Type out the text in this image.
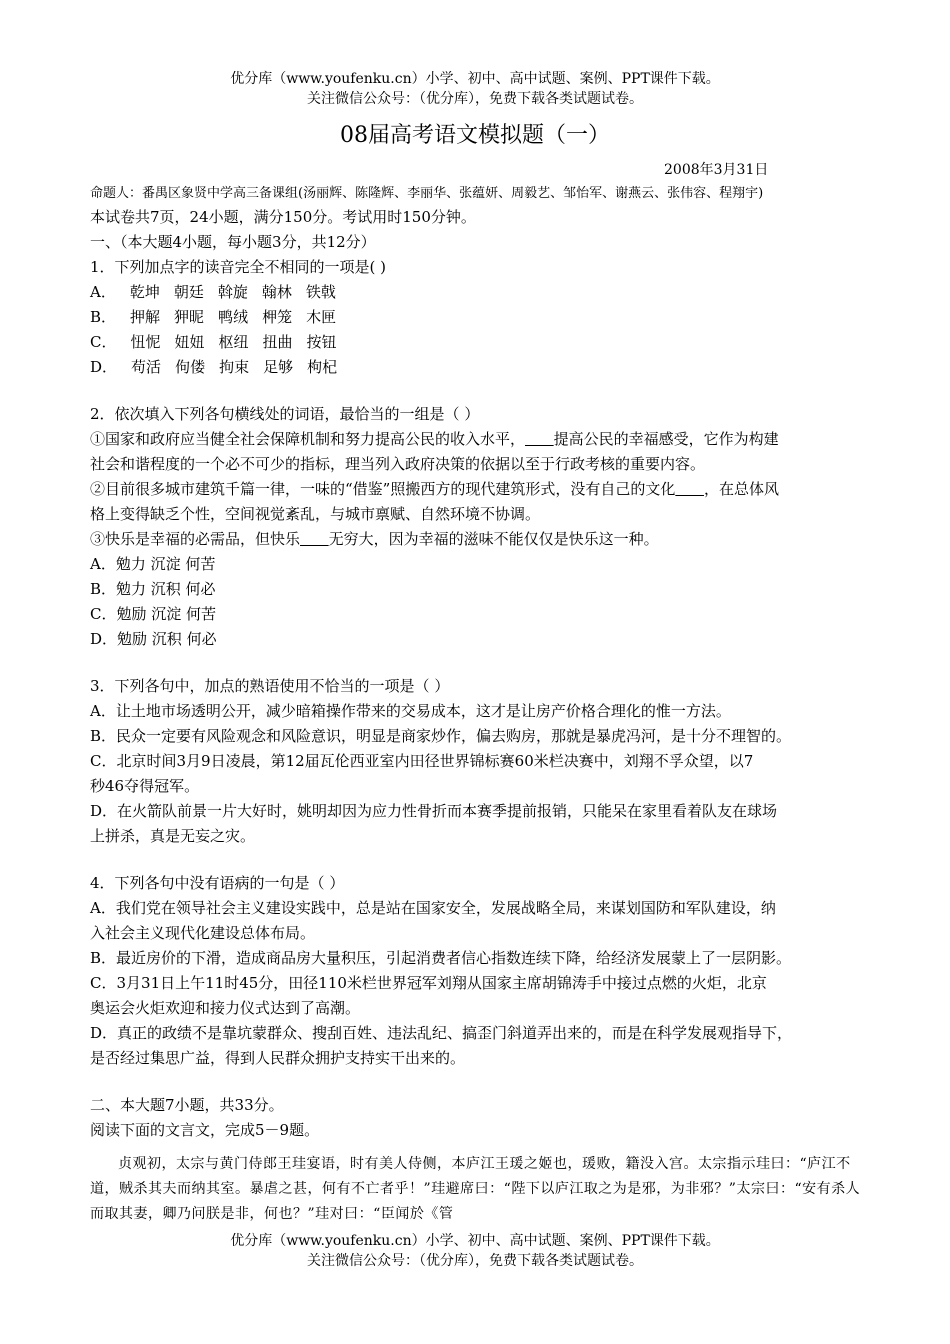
优分库（www.youfenku.cn）小学、初中、高中试题、案例、PPT课件下载。
关注微信公众号：（优分库），免费下载各类试题试卷。
08届高考语文模拟题（一）
2008年3月31日
命题人：番禺区象贤中学高三备课组(汤丽辉、陈隆辉、李丽华、张蕴妍、周毅艺、邹怡军、谢燕云、张伟容、程翔宇)
本试卷共7页，24小题，满分150分。考试用时150分钟。
一、（本大题4小题，每小题3分，共12分）
1．下列加点字的读音完全不相同的一项是( )
A． 乾坤 朝廷 斡旋 翰林 铁戟
B． 押解 狎昵 鸭绒 柙笼 木匣
C． 忸怩 妞妞 枢纽 扭曲 按钮
D． 苟活 佝偻 拘束 足够 枸杞
2．依次填入下列各句横线处的词语，最恰当的一组是（ ）
①国家和政府应当健全社会保障机制和努力提高公民的收入水平， 提高公民的幸福感受，它作为构建
社会和谐程度的一个必不可少的指标，理当列入政府决策的依据以至于行政考核的重要内容。
②目前很多城市建筑千篇一律，一味的“借鉴”照搬西方的现代建筑形式，没有自己的文化 ，在总体风
格上变得缺乏个性，空间视觉紊乱，与城市禀赋、自然环境不协调。
③快乐是幸福的必需品，但快乐 无穷大，因为幸福的滋味不能仅仅是快乐这一种。
A．勉力 沉淀 何苦
B．勉力 沉积 何必
C．勉励 沉淀 何苦
D．勉励 沉积 何必
3．下列各句中，加点的熟语使用不恰当的一项是（ ）
A．让土地市场透明公开，减少暗箱操作带来的交易成本，这才是让房产价格合理化的惟一方法。
B．民众一定要有风险观念和风险意识，明显是商家炒作，偏去购房，那就是暴虎冯河，是十分不理智的。
C．北京时间3月9日凌晨，第12届瓦伦西亚室内田径世界锦标赛60米栏决赛中，刘翔不孚众望，以7
秒46夺得冠军。
D．在火箭队前景一片大好时，姚明却因为应力性骨折而本赛季提前报销，只能呆在家里看着队友在球场
上拼杀，真是无妄之灾。
4．下列各句中没有语病的一句是（ ）
A．我们党在领导社会主义建设实践中，总是站在国家安全，发展战略全局，来谋划国防和军队建设，纳
入社会主义现代化建设总体布局。
B．最近房价的下滑，造成商品房大量积压，引起消费者信心指数连续下降，给经济发展蒙上了一层阴影。
C．3月31日上午11时45分，田径110米栏世界冠军刘翔从国家主席胡锦涛手中接过点燃的火炬，北京
奥运会火炬欢迎和接力仪式达到了高潮。
D．真正的政绩不是靠坑蒙群众、搜刮百姓、违法乱纪、搞歪门斜道弄出来的，而是在科学发展观指导下，
是否经过集思广益，得到人民群众拥护支持实干出来的。
二、本大题7小题，共33分。
阅读下面的文言文，完成5－9题。

贞观初，太宗与黄门侍郎王珪宴语，时有美人侍侧，本庐江王瑗之姬也，瑗败，籍没入宫。太宗指示珪曰：“庐江不道，贼杀其夫而纳其室。暴虐之甚，何有不亡者乎！”珪避席曰：“陛下以庐江取之为是邪，为非邪？”太宗曰：“安有杀人而取其妻，卿乃问朕是非，何也？”珪对曰：“臣闻於《管

优分库（www.youfenku.cn）小学、初中、高中试题、案例、PPT课件下载。
关注微信公众号：（优分库），免费下载各类试题试卷。
